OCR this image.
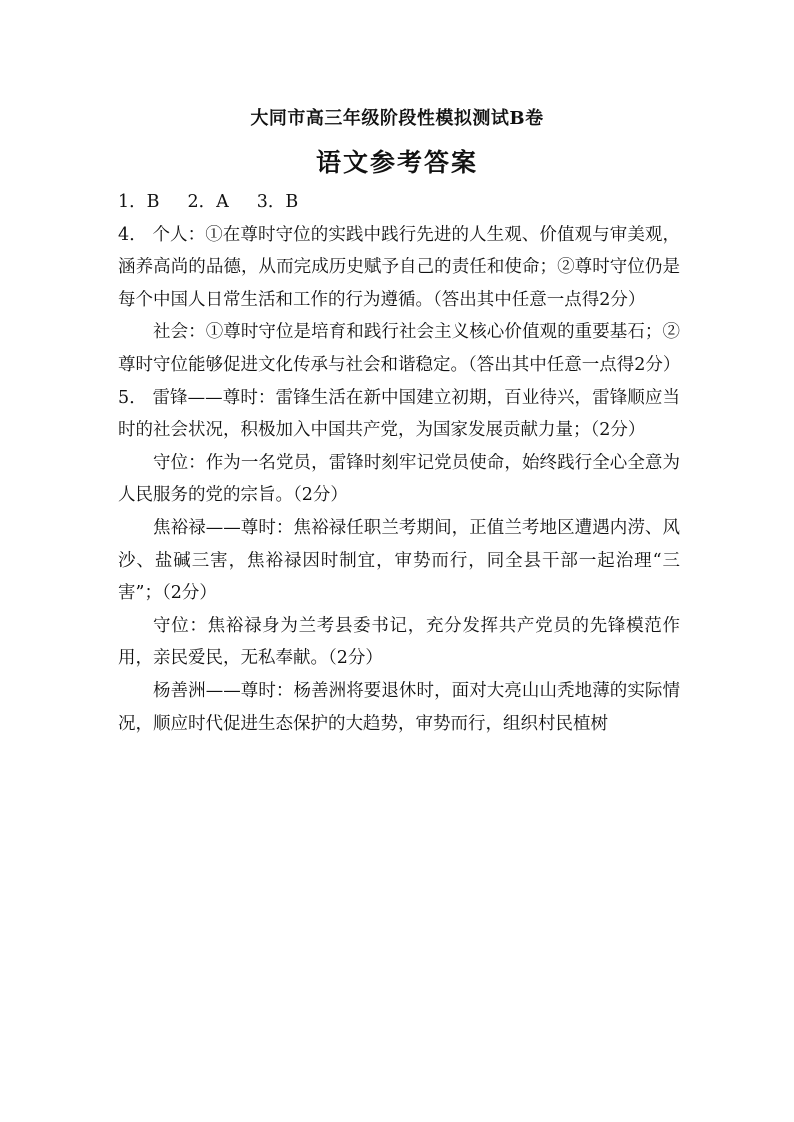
大同市高三年级阶段性模拟测试B卷
语文参考答案

1．B 2．A 3．B

4． 个人：①在尊时守位的实践中践行先进的人生观、价值观与审美观，涵养高尚的品德，从而完成历史赋予自己的责任和使命；②尊时守位仍是每个中国人日常生活和工作的行为遵循。（答出其中任意一点得2分）

社会：①尊时守位是培育和践行社会主义核心价值观的重要基石；②尊时守位能够促进文化传承与社会和谐稳定。（答出其中任意一点得2分）

5． 雷锋——尊时：雷锋生活在新中国建立初期，百业待兴，雷锋顺应当时的社会状况，积极加入中国共产党，为国家发展贡献力量；（2分）

守位：作为一名党员，雷锋时刻牢记党员使命，始终践行全心全意为人民服务的党的宗旨。（2分）

焦裕禄——尊时：焦裕禄任职兰考期间，正值兰考地区遭遇内涝、风沙、盐碱三害，焦裕禄因时制宜，审势而行，同全县干部一起治理“三害”；（2分）

守位：焦裕禄身为兰考县委书记，充分发挥共产党员的先锋模范作用，亲民爱民，无私奉献。（2分）

杨善洲——尊时：杨善洲将要退休时，面对大亮山山秃地薄的实际情况，顺应时代促进生态保护的大趋势，审势而行，组织村民植树
